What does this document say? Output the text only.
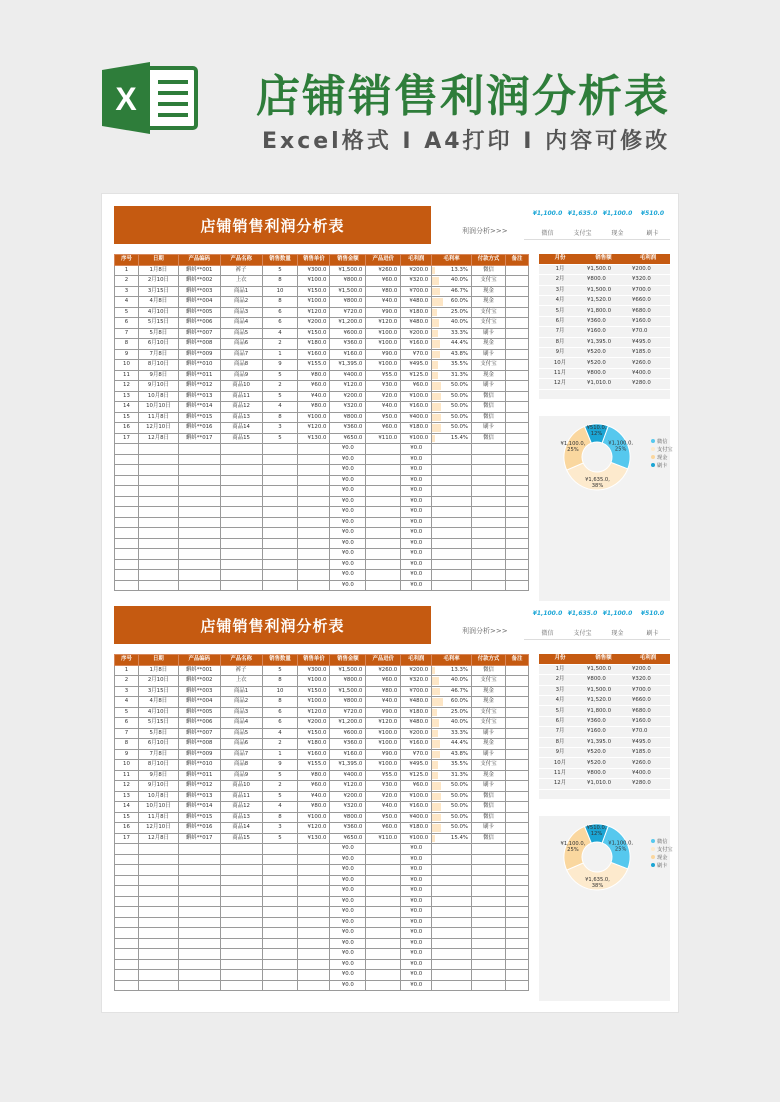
X	店铺销售利润分析表
Excel格式 I A4打印 I 内容可修改
店铺销售利润分析表	利润分析>>>
¥1,100.0 ¥1,635.0 ¥1,100.0	¥510.0
微信	支付宝	现金	刷卡
序号	日期	产品编码	产品名称	销售数量	销售单价	销售金额	产品进价	毛利润	毛利率	付款方式	备注
1	1月8日	蝌蚪**001	裤子	5	¥300.0	¥1,500.0	¥260.0	¥200.0	13.3%	微信	
2	2月10日	蝌蚪**002	上衣	8	¥100.0	¥800.0	¥60.0	¥320.0	40.0%	支付宝	
3	3月15日	蝌蚪**003	商品1	10	¥150.0	¥1,500.0	¥80.0	¥700.0	46.7%	现金	
4	4月8日	蝌蚪**004	商品2	8	¥100.0	¥800.0	¥40.0	¥480.0	60.0%	现金	
5	4月10日	蝌蚪**005	商品3	6	¥120.0	¥720.0	¥90.0	¥180.0	25.0%	支付宝	
6	5月15日	蝌蚪**006	商品4	6	¥200.0	¥1,200.0	¥120.0	¥480.0	40.0%	支付宝	
7	5月8日	蝌蚪**007	商品5	4	¥150.0	¥600.0	¥100.0	¥200.0	33.3%	刷卡	
8	6月10日	蝌蚪**008	商品6	2	¥180.0	¥360.0	¥100.0	¥160.0	44.4%	现金	
9	7月8日	蝌蚪**009	商品7	1	¥160.0	¥160.0	¥90.0	¥70.0	43.8%	刷卡	
10	8月10日	蝌蚪**010	商品8	9	¥155.0	¥1,395.0	¥100.0	¥495.0	35.5%	支付宝	
11	9月8日	蝌蚪**011	商品9	5	¥80.0	¥400.0	¥55.0	¥125.0	31.3%	现金	
12	9月10日	蝌蚪**012	商品10	2	¥60.0	¥120.0	¥30.0	¥60.0	50.0%	刷卡	
13	10月8日	蝌蚪**013	商品11	5	¥40.0	¥200.0	¥20.0	¥100.0	50.0%	微信	
14	10月10日	蝌蚪**014	商品12	4	¥80.0	¥320.0	¥40.0	¥160.0	50.0%	微信	
15	11月8日	蝌蚪**015	商品13	8	¥100.0	¥800.0	¥50.0	¥400.0	50.0%	微信	
16	12月10日	蝌蚪**016	商品14	3	¥120.0	¥360.0	¥60.0	¥180.0	50.0%	刷卡	
17	12月8日	蝌蚪**017	商品15	5	¥130.0	¥650.0	¥110.0	¥100.0	15.4%	微信	
						¥0.0		¥0.0			
						¥0.0		¥0.0			
						¥0.0		¥0.0			
						¥0.0		¥0.0			
						¥0.0		¥0.0			
						¥0.0		¥0.0			
						¥0.0		¥0.0			
						¥0.0		¥0.0			
						¥0.0		¥0.0			
						¥0.0		¥0.0			
						¥0.0		¥0.0			
						¥0.0		¥0.0			
						¥0.0		¥0.0			
						¥0.0		¥0.0			
月份	销售额	毛利润
1月	¥1,500.0	¥200.0
2月	¥800.0	¥320.0
3月	¥1,500.0	¥700.0
4月	¥1,520.0	¥660.0
5月	¥1,800.0	¥680.0
6月	¥360.0	¥160.0
7月	¥160.0	¥70.0
8月	¥1,395.0	¥495.0
9月	¥520.0	¥185.0
10月	¥520.0	¥260.0
11月	¥800.0	¥400.0
12月	¥1,010.0	¥280.0
¥1,100.0, 25%
¥1,635.0, 38%
¥1,100.0, 25%
¥510.0, 12%
微信
支付宝
现金
刷卡
店铺销售利润分析表	利润分析>>>
¥1,100.0 ¥1,635.0 ¥1,100.0	¥510.0
微信	支付宝	现金	刷卡
序号	日期	产品编码	产品名称	销售数量	销售单价	销售金额	产品进价	毛利润	毛利率	付款方式	备注
1	1月8日	蝌蚪**001	裤子	5	¥300.0	¥1,500.0	¥260.0	¥200.0	13.3%	微信	
2	2月10日	蝌蚪**002	上衣	8	¥100.0	¥800.0	¥60.0	¥320.0	40.0%	支付宝	
3	3月15日	蝌蚪**003	商品1	10	¥150.0	¥1,500.0	¥80.0	¥700.0	46.7%	现金	
4	4月8日	蝌蚪**004	商品2	8	¥100.0	¥800.0	¥40.0	¥480.0	60.0%	现金	
5	4月10日	蝌蚪**005	商品3	6	¥120.0	¥720.0	¥90.0	¥180.0	25.0%	支付宝	
6	5月15日	蝌蚪**006	商品4	6	¥200.0	¥1,200.0	¥120.0	¥480.0	40.0%	支付宝	
7	5月8日	蝌蚪**007	商品5	4	¥150.0	¥600.0	¥100.0	¥200.0	33.3%	刷卡	
8	6月10日	蝌蚪**008	商品6	2	¥180.0	¥360.0	¥100.0	¥160.0	44.4%	现金	
9	7月8日	蝌蚪**009	商品7	1	¥160.0	¥160.0	¥90.0	¥70.0	43.8%	刷卡	
10	8月10日	蝌蚪**010	商品8	9	¥155.0	¥1,395.0	¥100.0	¥495.0	35.5%	支付宝	
11	9月8日	蝌蚪**011	商品9	5	¥80.0	¥400.0	¥55.0	¥125.0	31.3%	现金	
12	9月10日	蝌蚪**012	商品10	2	¥60.0	¥120.0	¥30.0	¥60.0	50.0%	刷卡	
13	10月8日	蝌蚪**013	商品11	5	¥40.0	¥200.0	¥20.0	¥100.0	50.0%	微信	
14	10月10日	蝌蚪**014	商品12	4	¥80.0	¥320.0	¥40.0	¥160.0	50.0%	微信	
15	11月8日	蝌蚪**015	商品13	8	¥100.0	¥800.0	¥50.0	¥400.0	50.0%	微信	
16	12月10日	蝌蚪**016	商品14	3	¥120.0	¥360.0	¥60.0	¥180.0	50.0%	刷卡	
17	12月8日	蝌蚪**017	商品15	5	¥130.0	¥650.0	¥110.0	¥100.0	15.4%	微信	
						¥0.0		¥0.0			
						¥0.0		¥0.0			
						¥0.0		¥0.0			
						¥0.0		¥0.0			
						¥0.0		¥0.0			
						¥0.0		¥0.0			
						¥0.0		¥0.0			
						¥0.0		¥0.0			
						¥0.0		¥0.0			
						¥0.0		¥0.0			
						¥0.0		¥0.0			
						¥0.0		¥0.0			
						¥0.0		¥0.0			
						¥0.0		¥0.0			
月份	销售额	毛利润
1月	¥1,500.0	¥200.0
2月	¥800.0	¥320.0
3月	¥1,500.0	¥700.0
4月	¥1,520.0	¥660.0
5月	¥1,800.0	¥680.0
6月	¥360.0	¥160.0
7月	¥160.0	¥70.0
8月	¥1,395.0	¥495.0
9月	¥520.0	¥185.0
10月	¥520.0	¥260.0
11月	¥800.0	¥400.0
12月	¥1,010.0	¥280.0
¥1,100.0, 25%
¥1,635.0, 38%
¥1,100.0, 25%
¥510.0, 12%
微信
支付宝
现金
刷卡
